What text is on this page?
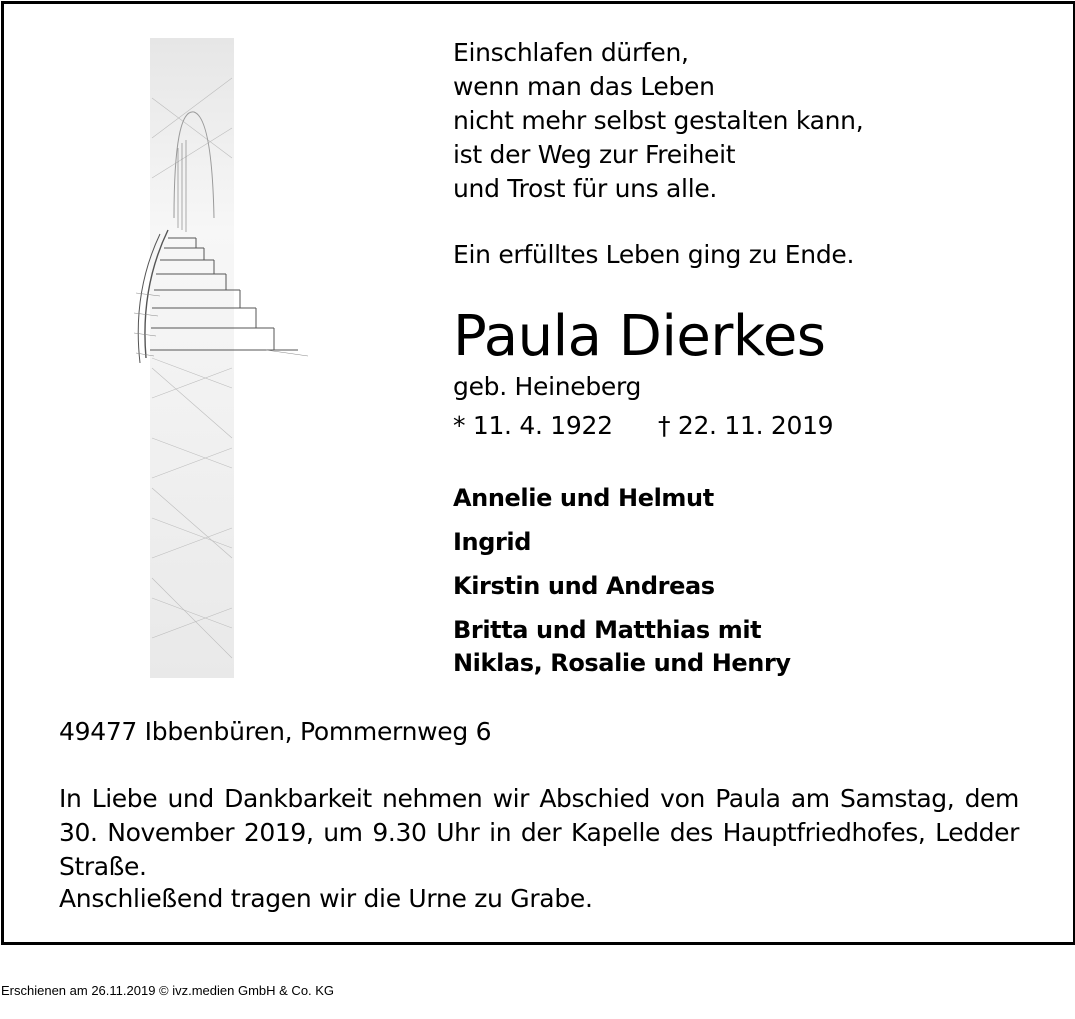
Einschlafen dürfen,
wenn man das Leben
nicht mehr selbst gestalten kann,
ist der Weg zur Freiheit
und Trost für uns alle.
Ein erfülltes Leben ging zu Ende.
Paula Dierkes
geb. Heineberg
* 11. 4. 1922 † 22. 11. 2019
Annelie und Helmut
Ingrid
Kirstin und Andreas
Britta und Matthias mit
Niklas, Rosalie und Henry
49477 Ibbenbüren, Pommernweg 6
In Liebe und Dankbarkeit nehmen wir Abschied von Paula am Samstag, dem 30. November 2019, um 9.30 Uhr in der Kapelle des Hauptfriedhofes, Ledder Straße.
Anschließend tragen wir die Urne zu Grabe.
Erschienen am 26.11.2019 © ivz.medien GmbH & Co. KG
